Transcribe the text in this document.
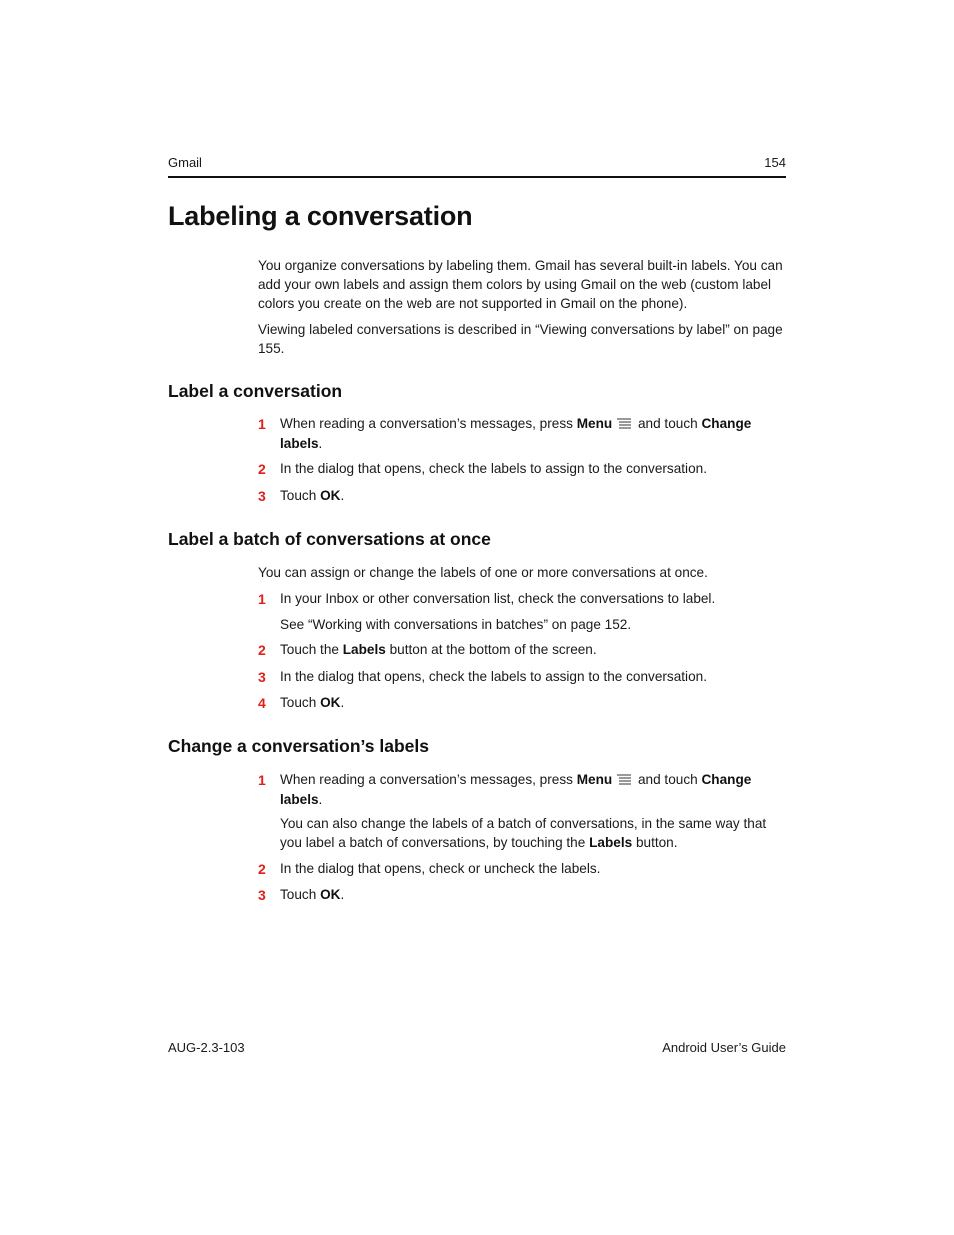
Gmail	154
Labeling a conversation

You organize conversations by labeling them. Gmail has several built-in labels. You can add your own labels and assign them colors by using Gmail on the web (custom label colors you create on the web are not supported in Gmail on the phone).

Viewing labeled conversations is described in “Viewing conversations by label” on page 155.

Label a conversation
1 When reading a conversation’s messages, press Menu and touch Change labels.
2 In the dialog that opens, check the labels to assign to the conversation.
3 Touch OK.
Label a batch of conversations at once

You can assign or change the labels of one or more conversations at once.

1 In your Inbox or other conversation list, check the conversations to label.

See “Working with conversations in batches” on page 152.

2 Touch the Labels button at the bottom of the screen.
3 In the dialog that opens, check the labels to assign to the conversation.
4 Touch OK.
Change a conversation’s labels
1 When reading a conversation’s messages, press Menu and touch Change labels.

You can also change the labels of a batch of conversations, in the same way that you label a batch of conversations, by touching the Labels button.

2 In the dialog that opens, check or uncheck the labels.
3 Touch OK.
AUG-2.3-103	Android User’s Guide
